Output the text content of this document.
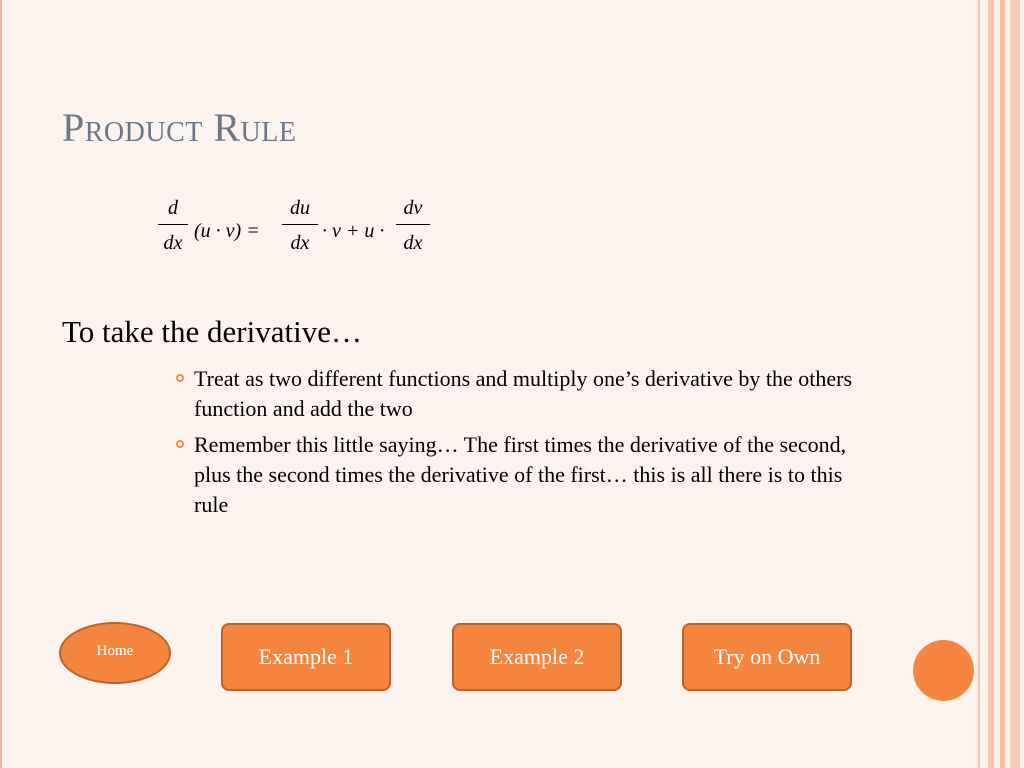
Product Rule
d
dx
(u · v) =
du
dx
· v + u ·
dv
dx
To take the derivative…
Treat as two different functions and multiply one’s derivative by the others function and add the two
Remember this little saying… The first times the derivative of the second, plus the second times the derivative of the first… this is all there is to this rule
Home	Example 1	Example 2	Try on Own
